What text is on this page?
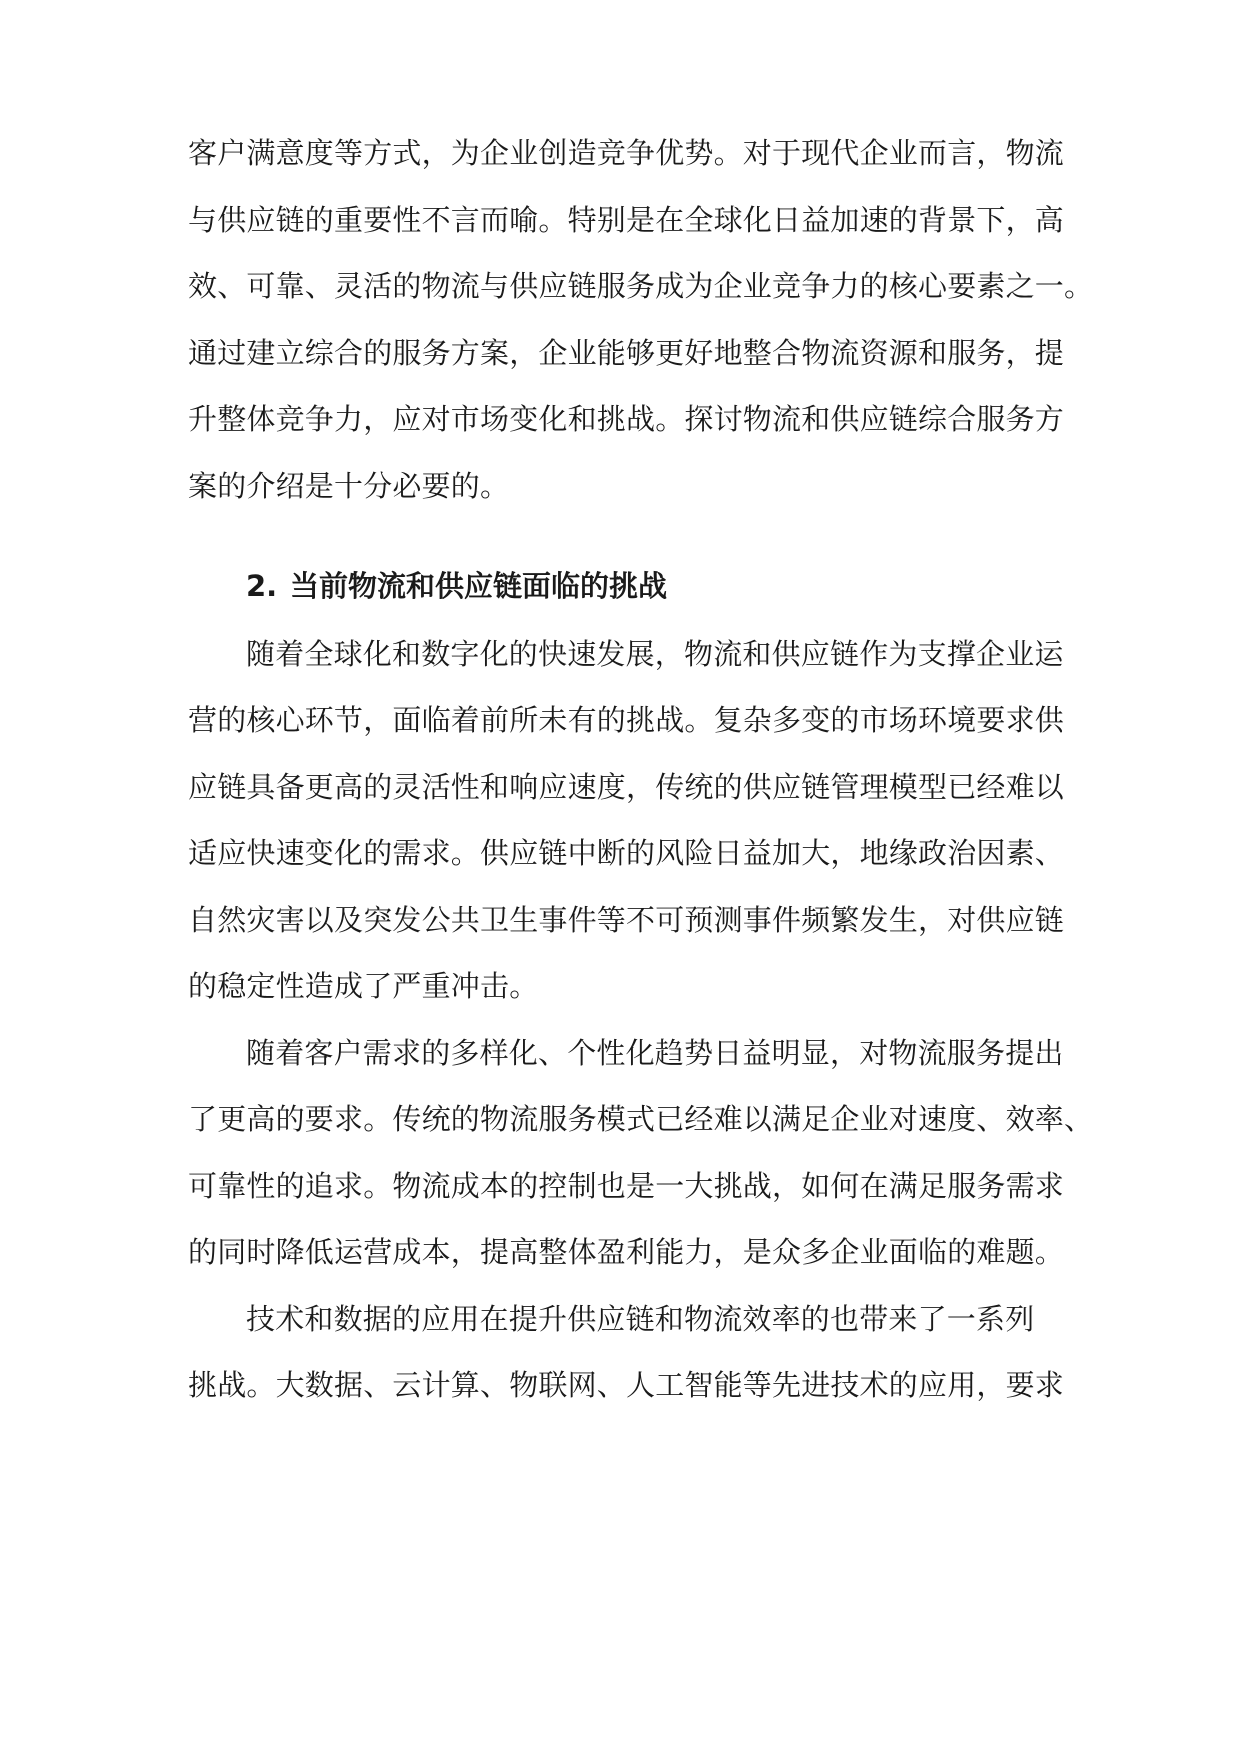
客户满意度等方式，为企业创造竞争优势。对于现代企业而言，物流
与供应链的重要性不言而喻。特别是在全球化日益加速的背景下，高
效、可靠、灵活的物流与供应链服务成为企业竞争力的核心要素之一。
通过建立综合的服务方案，企业能够更好地整合物流资源和服务，提
升整体竞争力，应对市场变化和挑战。探讨物流和供应链综合服务方
案的介绍是十分必要的。
2. 当前物流和供应链面临的挑战
随着全球化和数字化的快速发展，物流和供应链作为支撑企业运
营的核心环节，面临着前所未有的挑战。复杂多变的市场环境要求供
应链具备更高的灵活性和响应速度，传统的供应链管理模型已经难以
适应快速变化的需求。供应链中断的风险日益加大，地缘政治因素、
自然灾害以及突发公共卫生事件等不可预测事件频繁发生，对供应链
的稳定性造成了严重冲击。
随着客户需求的多样化、个性化趋势日益明显，对物流服务提出
了更高的要求。传统的物流服务模式已经难以满足企业对速度、效率、
可靠性的追求。物流成本的控制也是一大挑战，如何在满足服务需求
的同时降低运营成本，提高整体盈利能力，是众多企业面临的难题。
技术和数据的应用在提升供应链和物流效率的也带来了一系列
挑战。大数据、云计算、物联网、人工智能等先进技术的应用，要求
